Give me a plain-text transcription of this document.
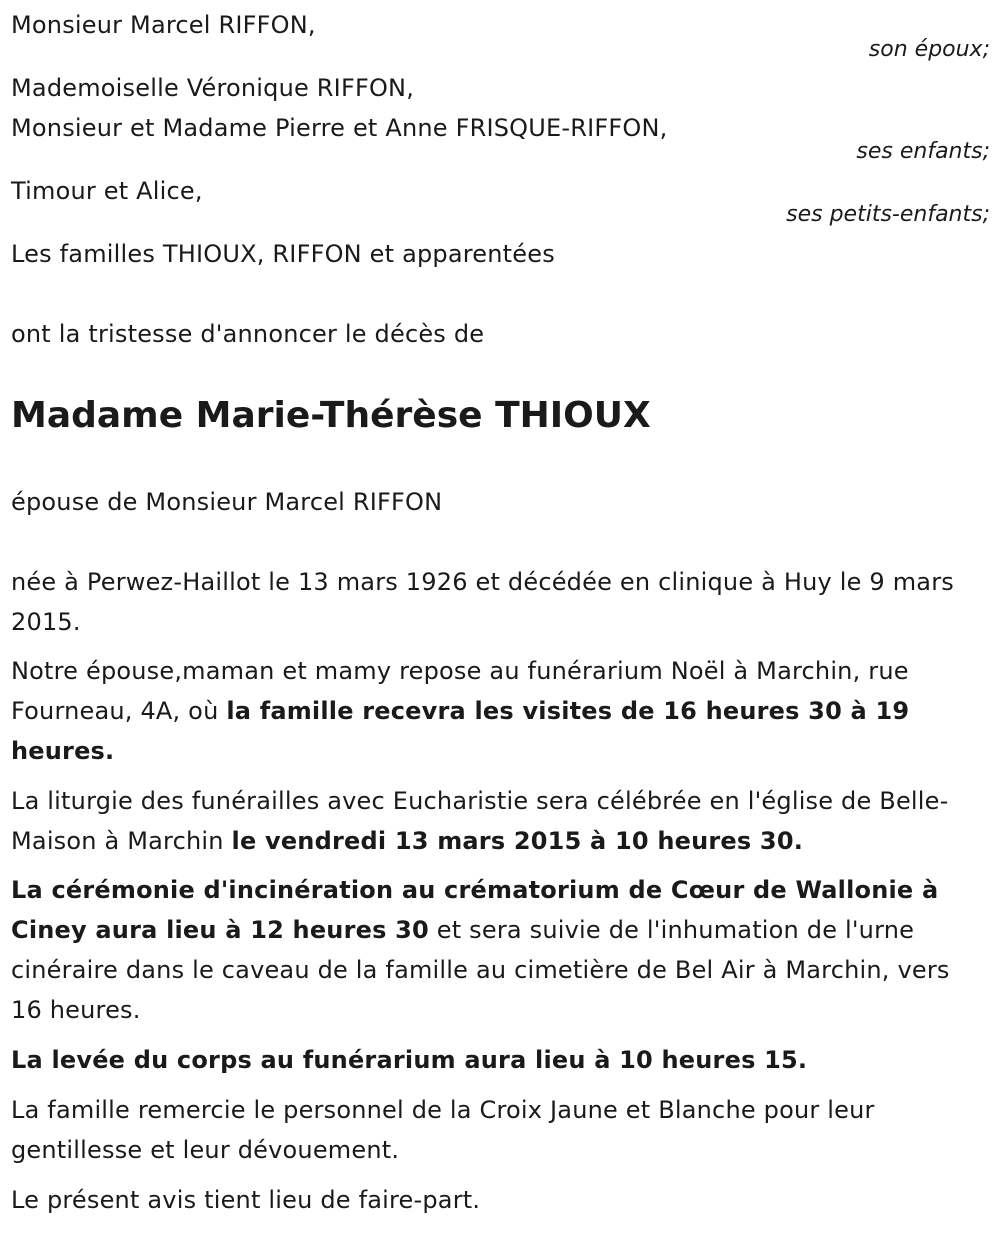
Monsieur Marcel RIFFON,
son époux;
Mademoiselle Véronique RIFFON,
Monsieur et Madame Pierre et Anne FRISQUE-RIFFON,
ses enfants;
Timour et Alice,
ses petits-enfants;
Les familles THIOUX, RIFFON et apparentées
ont la tristesse d'annoncer le décès de
Madame Marie-Thérèse THIOUX
épouse de Monsieur Marcel RIFFON
née à Perwez-Haillot le 13 mars 1926 et décédée en clinique à Huy le 9 mars 2015.
Notre épouse,maman et mamy repose au funérarium Noël à Marchin, rue Fourneau, 4A, où la famille recevra les visites de 16 heures 30 à 19 heures.
La liturgie des funérailles avec Eucharistie sera célébrée en l'église de Belle-Maison à Marchin le vendredi 13 mars 2015 à 10 heures 30.
La cérémonie d'incinération au crématorium de Cœur de Wallonie à Ciney aura lieu à 12 heures 30 et sera suivie de l'inhumation de l'urne cinéraire dans le caveau de la famille au cimetière de Bel Air à Marchin, vers 16 heures.
La levée du corps au funérarium aura lieu à 10 heures 15.
La famille remercie le personnel de la Croix Jaune et Blanche pour leur gentillesse et leur dévouement.
Le présent avis tient lieu de faire-part.
